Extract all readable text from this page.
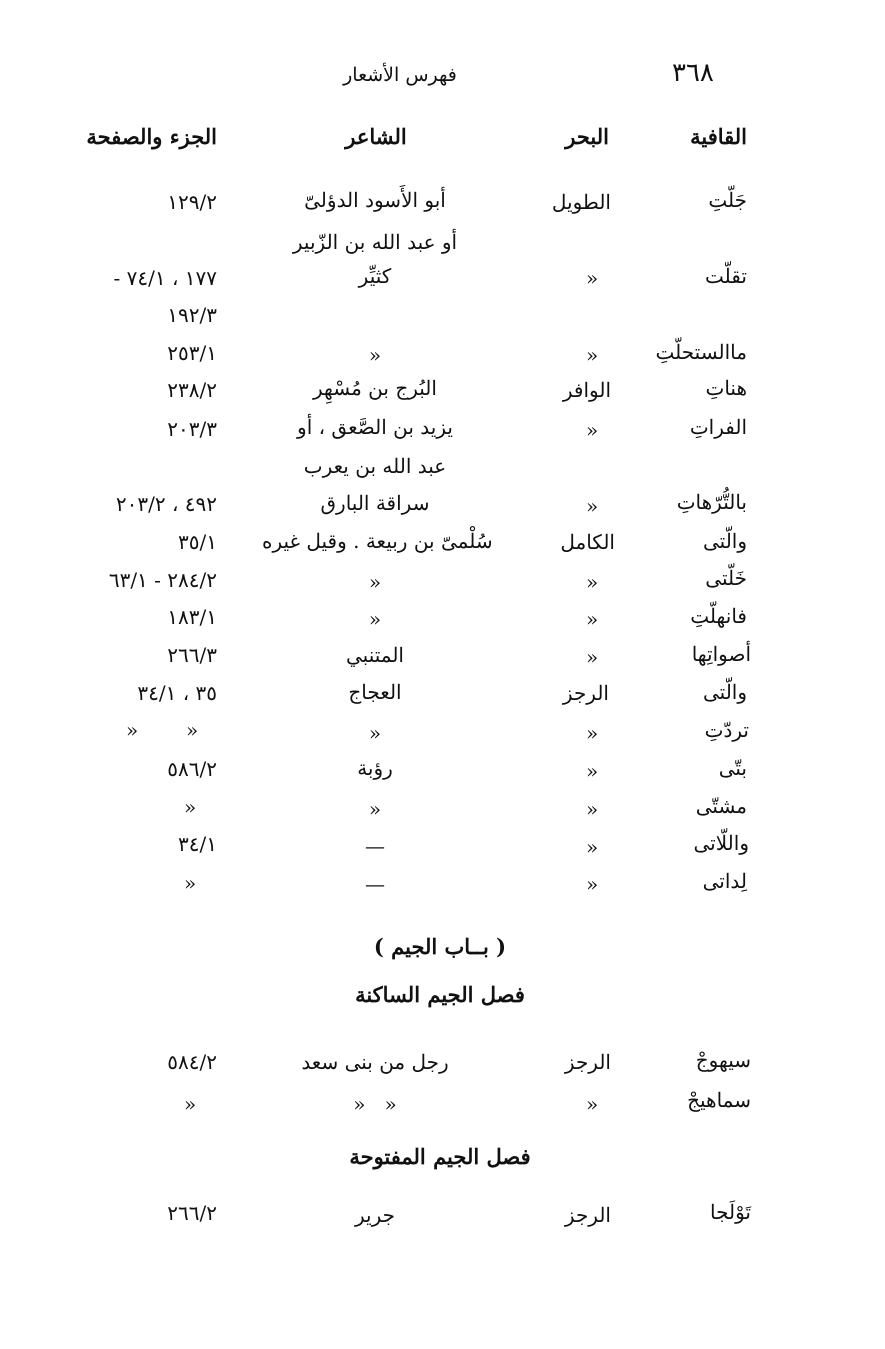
فهرس الأشعار	٣٦٨
القافية
البحر
الشاعر
الجزء والصفحة
جَلّتِ
الطويل
أبو الأَسود الدؤلىّ
١٢٩/٢
أو عبد الله بن الزّبير
تقلّت
»
كثيِّر
- ١٧٧ ، ٧٤/١
١٩٢/٣
ماالستحلّتِ
»
»
٢٥٣/١
هناتِ
الوافر
البُرج بن مُسْهِر
٢٣٨/٢
الفراتِ
»
يزيد بن الصَّعق ، أو
٢٠٣/٣
عبد الله بن يعرب
بالتُّرّهاتِ
»
سراقة البارق
٤٩٢ ، ٢٠٣/٢
والّتى
الكامل
سُلْمىّ بن ربيعة . وقيل غيره
٣٥/١
خَلّتى
»
»
٢٨٤/٢ - ٦٣/١
فانهلّتِ
»
»
١٨٣/١
أصواتِها
»
المتنبي
٢٦٦/٣
والّتى
الرجز
العجاج
٣٥ ، ٣٤/١
تردّتِ
»
»
»
»
بتّى
»
رؤبة
٥٨٦/٢
مشتّى
»
»
»
واللّاتى
»
—
٣٤/١
لِداتى
»
—
»
( بــاب الجيم )
فصل الجيم الساكنة
سيهوجْ
الرجز
رجل من بنى سعد
٥٨٤/٢
سماهيجْ
»
»   »
»
فصل الجيم المفتوحة
تَوْلَجا
الرجز
جرير
٢٦٦/٢
